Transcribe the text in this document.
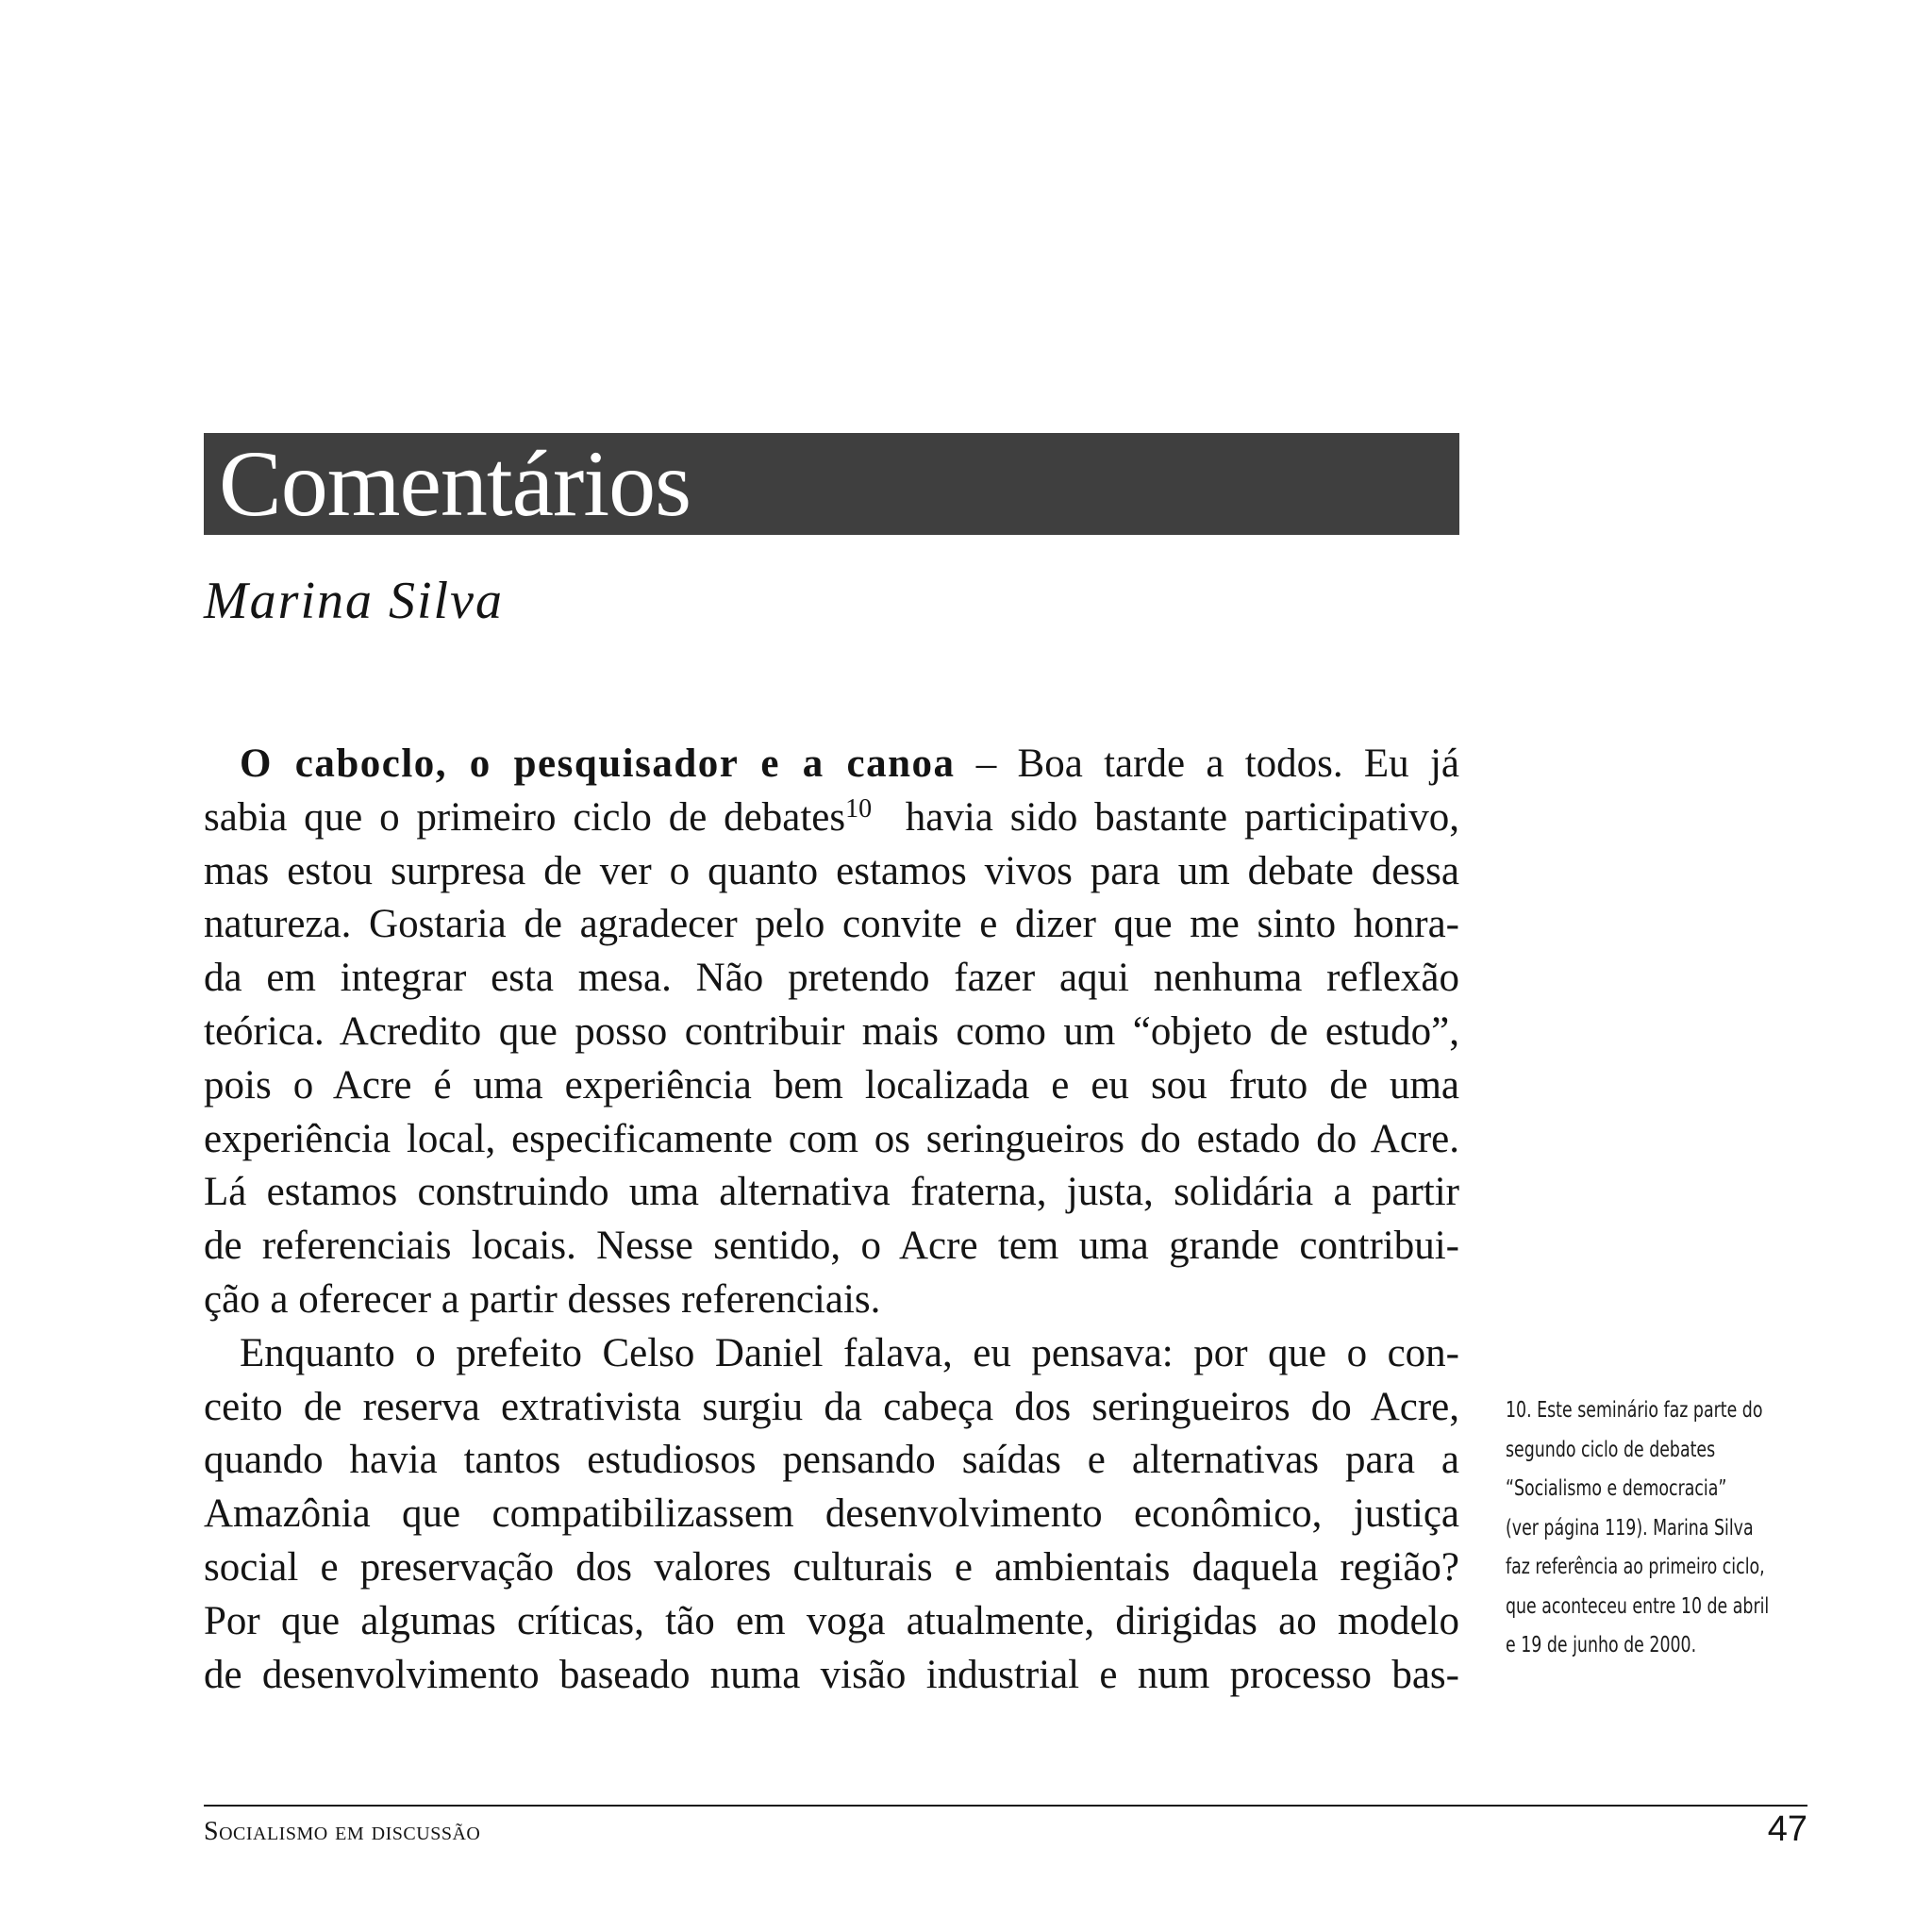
Comentários
Marina Silva
O caboclo, o pesquisador e a canoa – Boa tarde a todos. Eu já
sabia que o primeiro ciclo de debates$^{10}$ havia sido bastante participativo,
mas estou surpresa de ver o quanto estamos vivos para um debate dessa
natureza. Gostaria de agradecer pelo convite e dizer que me sinto honra-
da em integrar esta mesa. Não pretendo fazer aqui nenhuma reflexão
teórica. Acredito que posso contribuir mais como um “objeto de estudo”,
pois o Acre é uma experiência bem localizada e eu sou fruto de uma
experiência local, especificamente com os seringueiros do estado do Acre.
Lá estamos construindo uma alternativa fraterna, justa, solidária a partir
de referenciais locais. Nesse sentido, o Acre tem uma grande contribui-
ção a oferecer a partir desses referenciais.
Enquanto o prefeito Celso Daniel falava, eu pensava: por que o con-
ceito de reserva extrativista surgiu da cabeça dos seringueiros do Acre,
quando havia tantos estudiosos pensando saídas e alternativas para a
Amazônia que compatibilizassem desenvolvimento econômico, justiça
social e preservação dos valores culturais e ambientais daquela região?
Por que algumas críticas, tão em voga atualmente, dirigidas ao modelo
de desenvolvimento baseado numa visão industrial e num processo bas-
10. Este seminário faz parte do
segundo ciclo de debates
“Socialismo e democracia”
(ver página 119). Marina Silva
faz referência ao primeiro ciclo,
que aconteceu entre 10 de abril
e 19 de junho de 2000.
Socialismo em discussão	47
